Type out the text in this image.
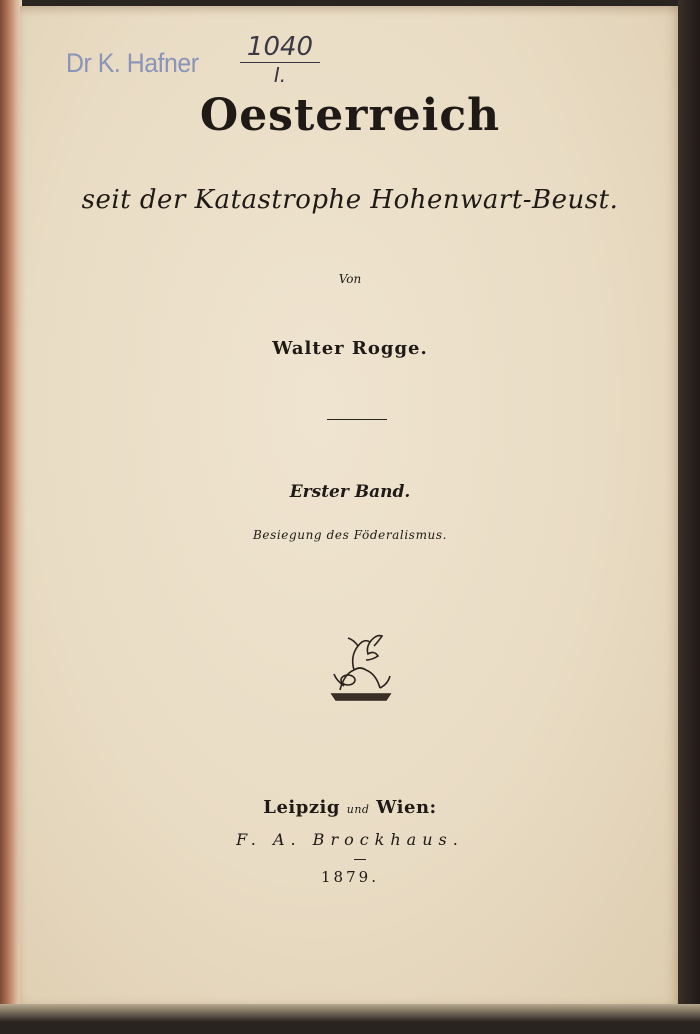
Dr K. Hafner
1040
I.
Oesterreich
seit der Katastrophe Hohenwart-Beust.
Von
Walter Rogge.
Erster Band.
Besiegung des Föderalismus.
Leipzig und Wien:
F. A. Brockhaus.
1879.
